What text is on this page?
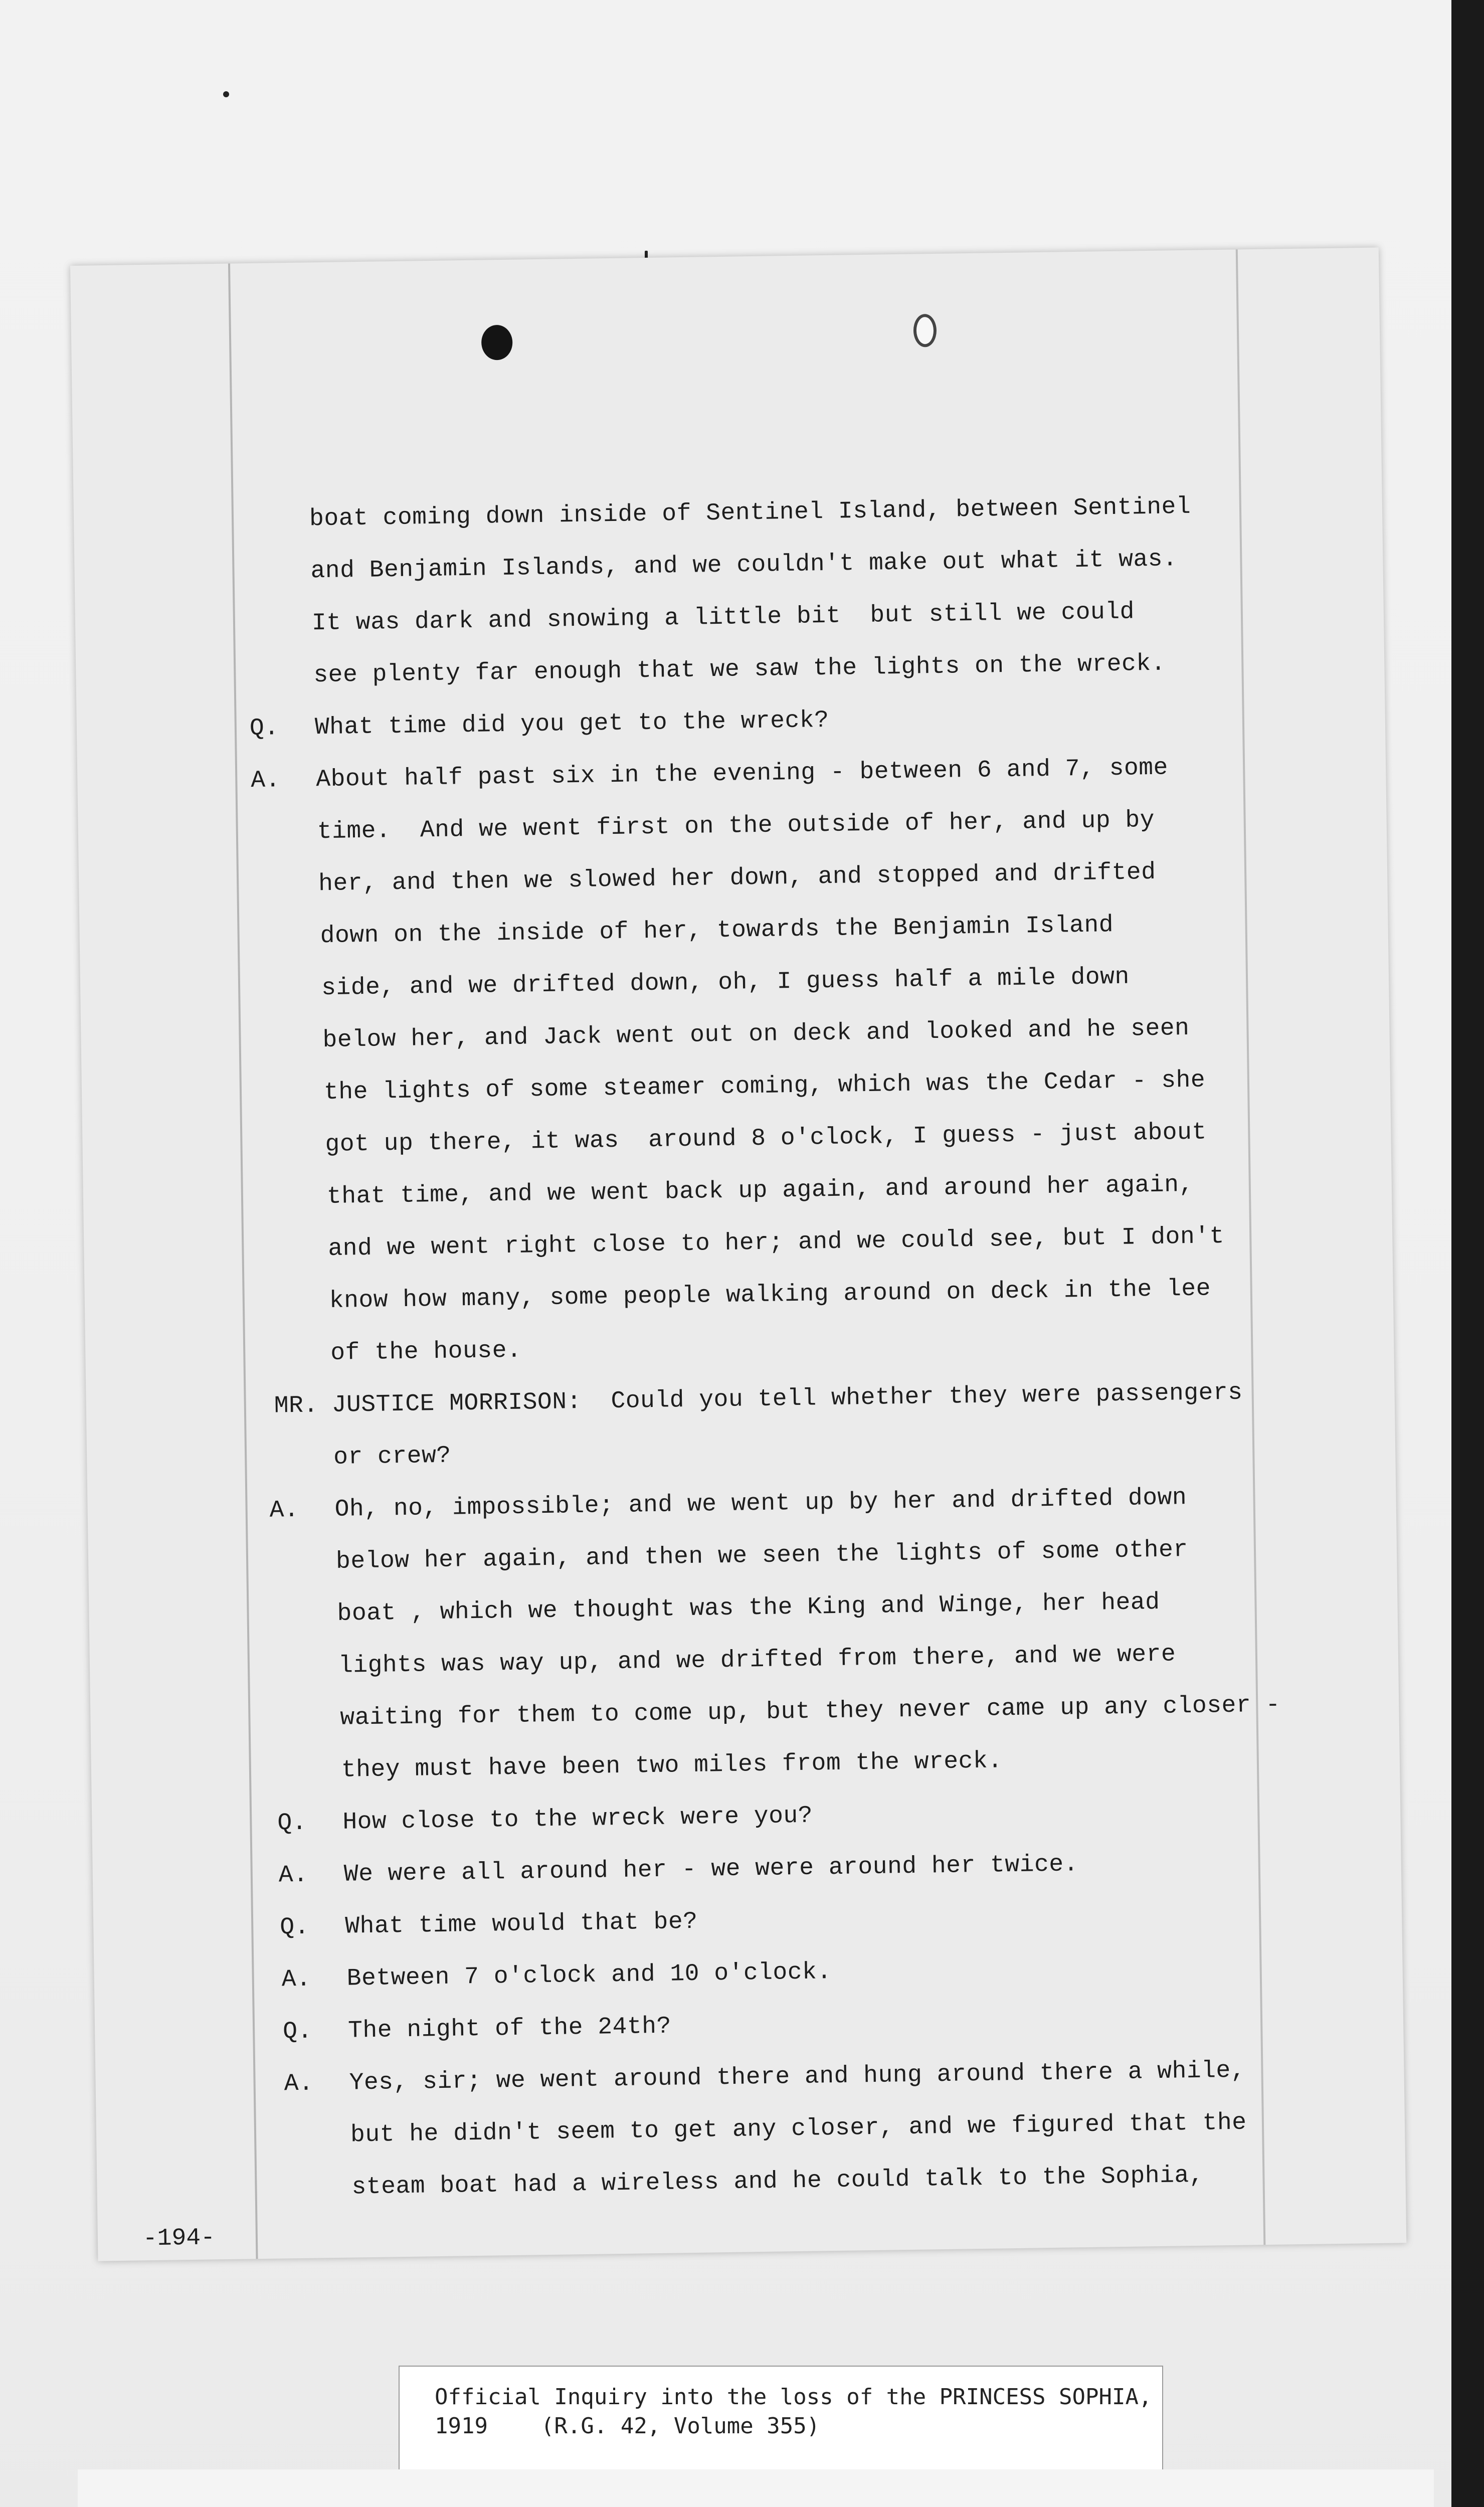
boat coming down inside of Sentinel Island, between Sentinel
and Benjamin Islands, and we couldn't make out what it was.
It was dark and snowing a little bit  but still we could
see plenty far enough that we saw the lights on the wreck.
Q. What time did you get to the wreck?
A. About half past six in the evening - between 6 and 7, some
time.  And we went first on the outside of her, and up by
her, and then we slowed her down, and stopped and drifted
down on the inside of her, towards the Benjamin Island
side, and we drifted down, oh, I guess half a mile down
below her, and Jack went out on deck and looked and he seen
the lights of some steamer coming, which was the Cedar - she
got up there, it was  around 8 o'clock, I guess - just about
that time, and we went back up again, and around her again,
and we went right close to her; and we could see, but I don't
know how many, some people walking around on deck in the lee
of the house.
MR. JUSTICE MORRISON:  Could you tell whether they were passengers
or crew?
A. Oh, no, impossible; and we went up by her and drifted down
below her again, and then we seen the lights of some other
boat , which we thought was the King and Winge, her head
lights was way up, and we drifted from there, and we were
waiting for them to come up, but they never came up any closer -
they must have been two miles from the wreck.
Q. How close to the wreck were you?
A. We were all around her - we were around her twice.
Q. What time would that be?
A. Between 7 o'clock and 10 o'clock.
Q. The night of the 24th?
A. Yes, sir; we went around there and hung around there a while,
but he didn't seem to get any closer, and we figured that the
steam boat had a wireless and he could talk to the Sophia,
-194-
Official Inquiry into the loss of the PRINCESS SOPHIA,
1919    (R.G. 42, Volume 355)
